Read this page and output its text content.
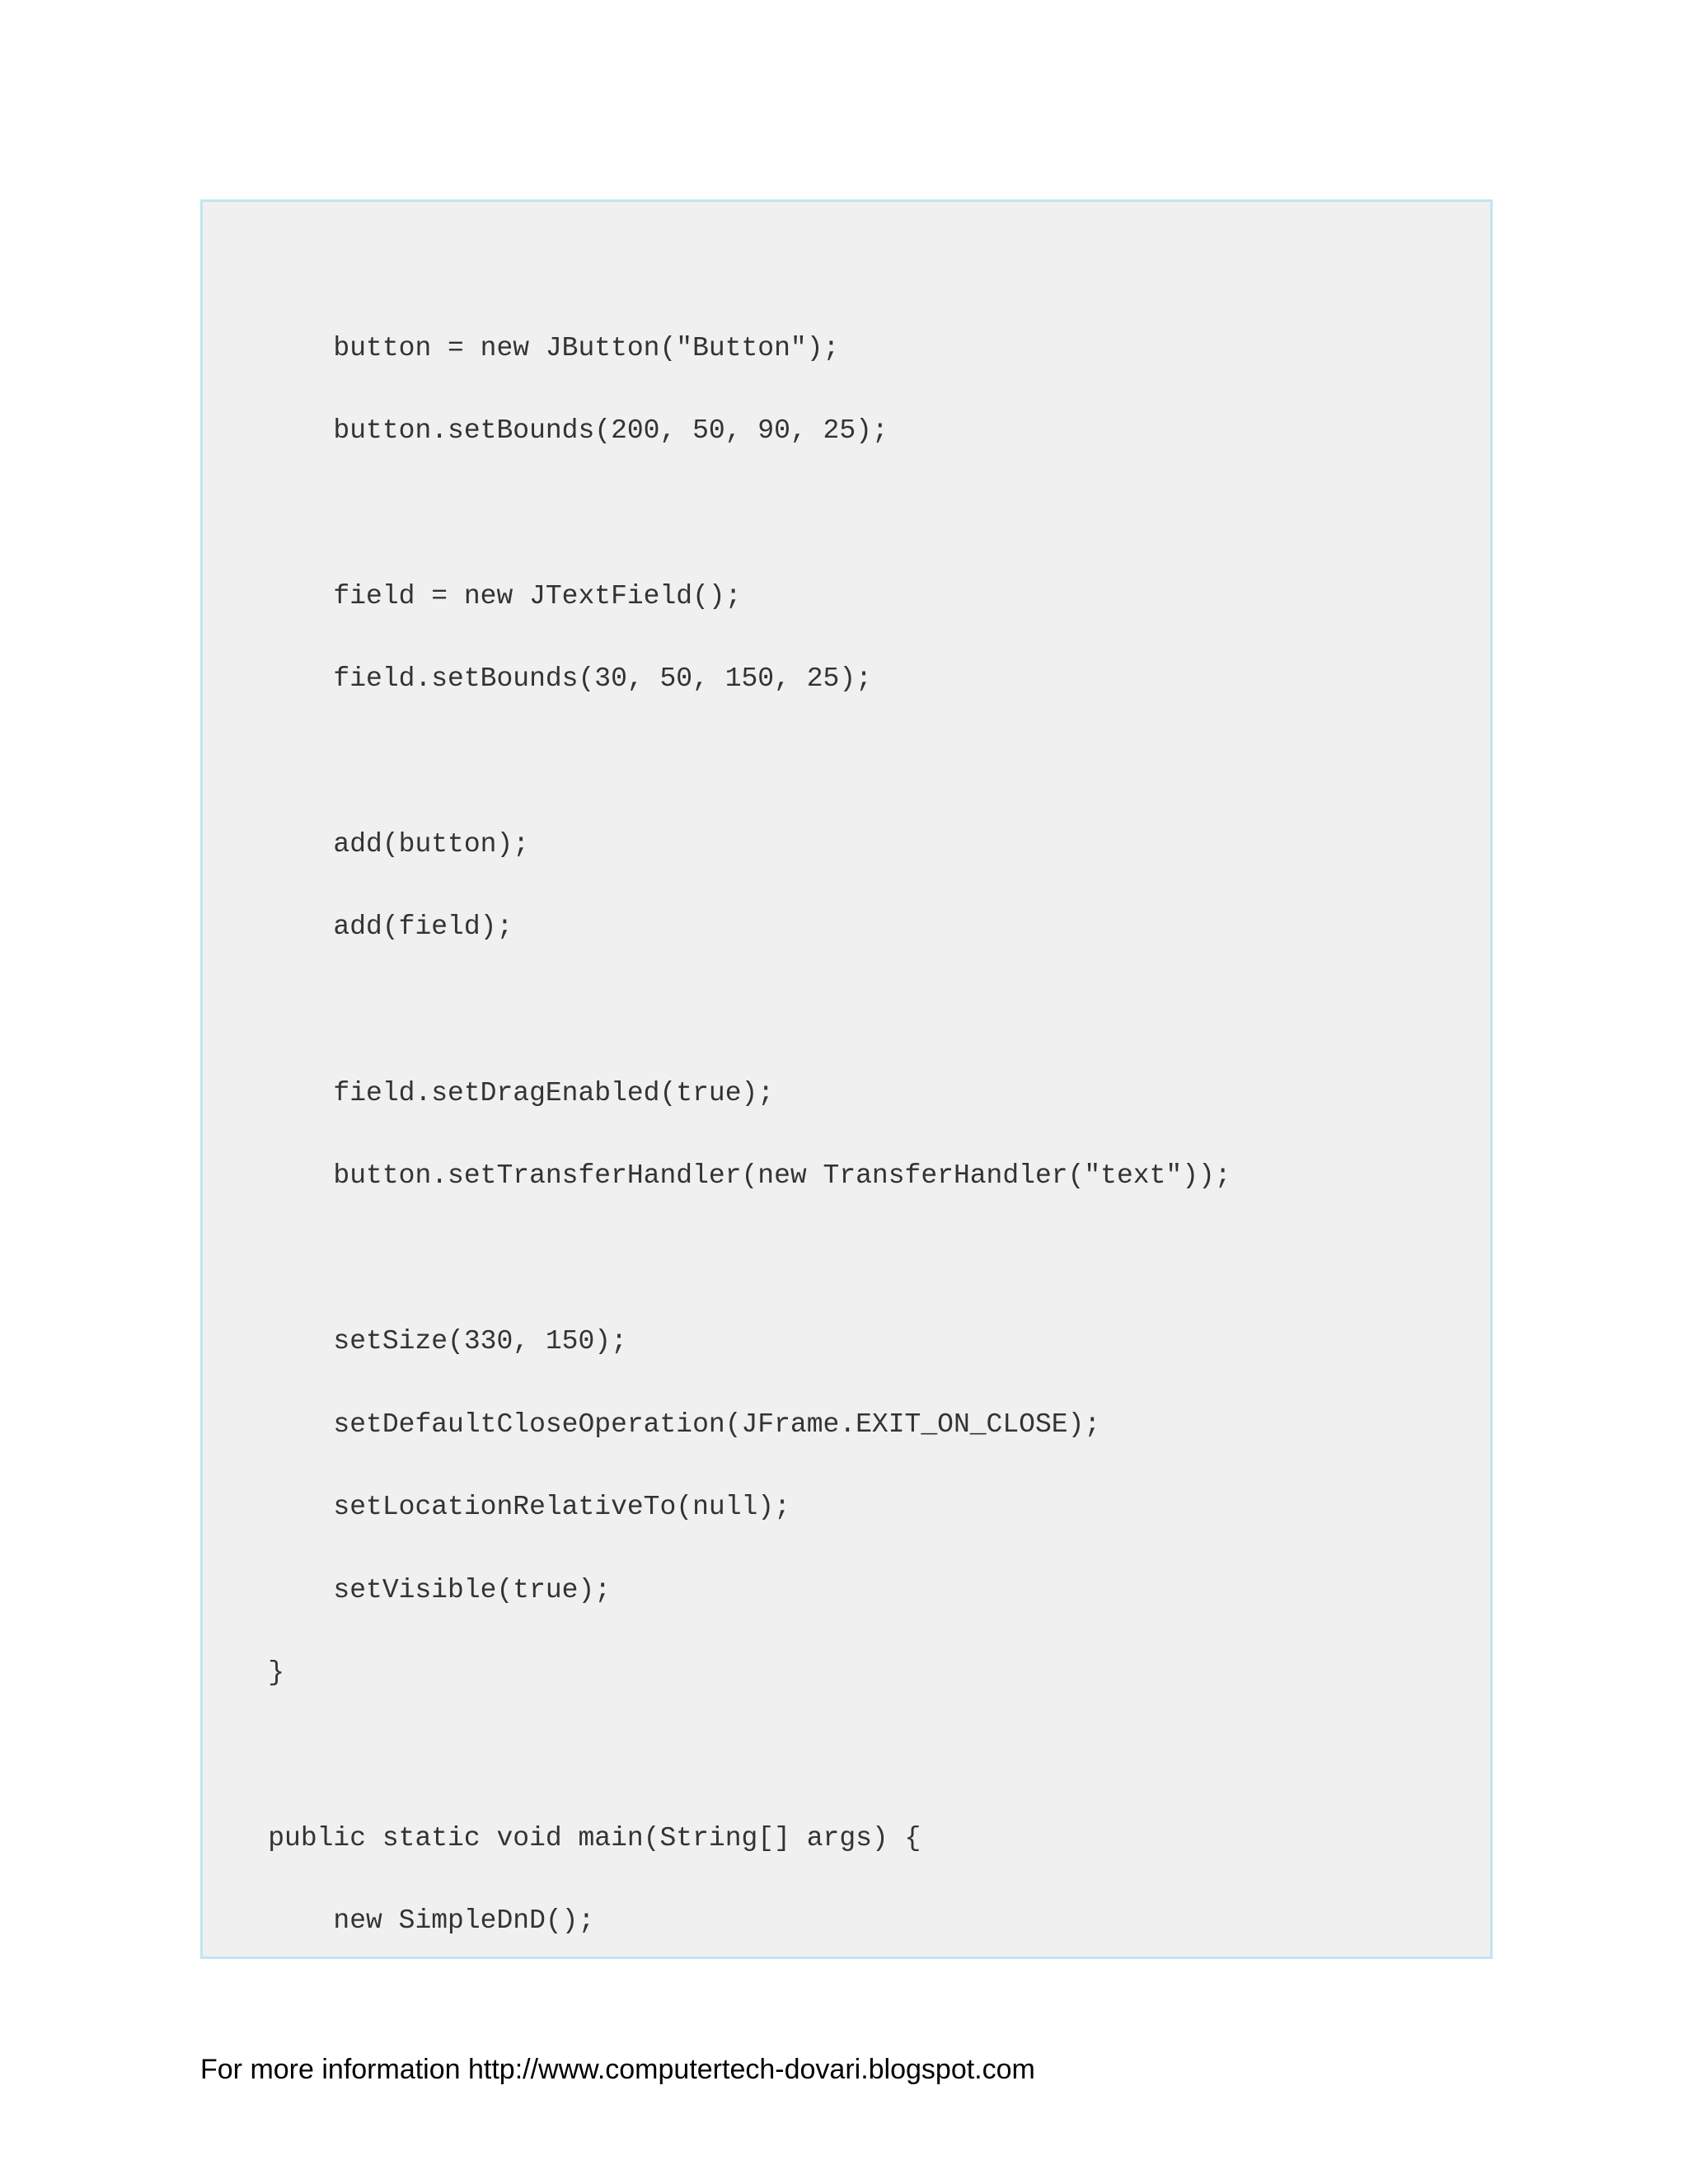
button = new JButton("Button");
button.setBounds(200, 50, 90, 25);
field = new JTextField();
field.setBounds(30, 50, 150, 25);
add(button);
add(field);
field.setDragEnabled(true);
button.setTransferHandler(new TransferHandler("text"));
setSize(330, 150);
setDefaultCloseOperation(JFrame.EXIT_ON_CLOSE);
setLocationRelativeTo(null);
setVisible(true);
}
public static void main(String[] args) {
new SimpleDnD();

For more information http://www.computertech-dovari.blogspot.com
